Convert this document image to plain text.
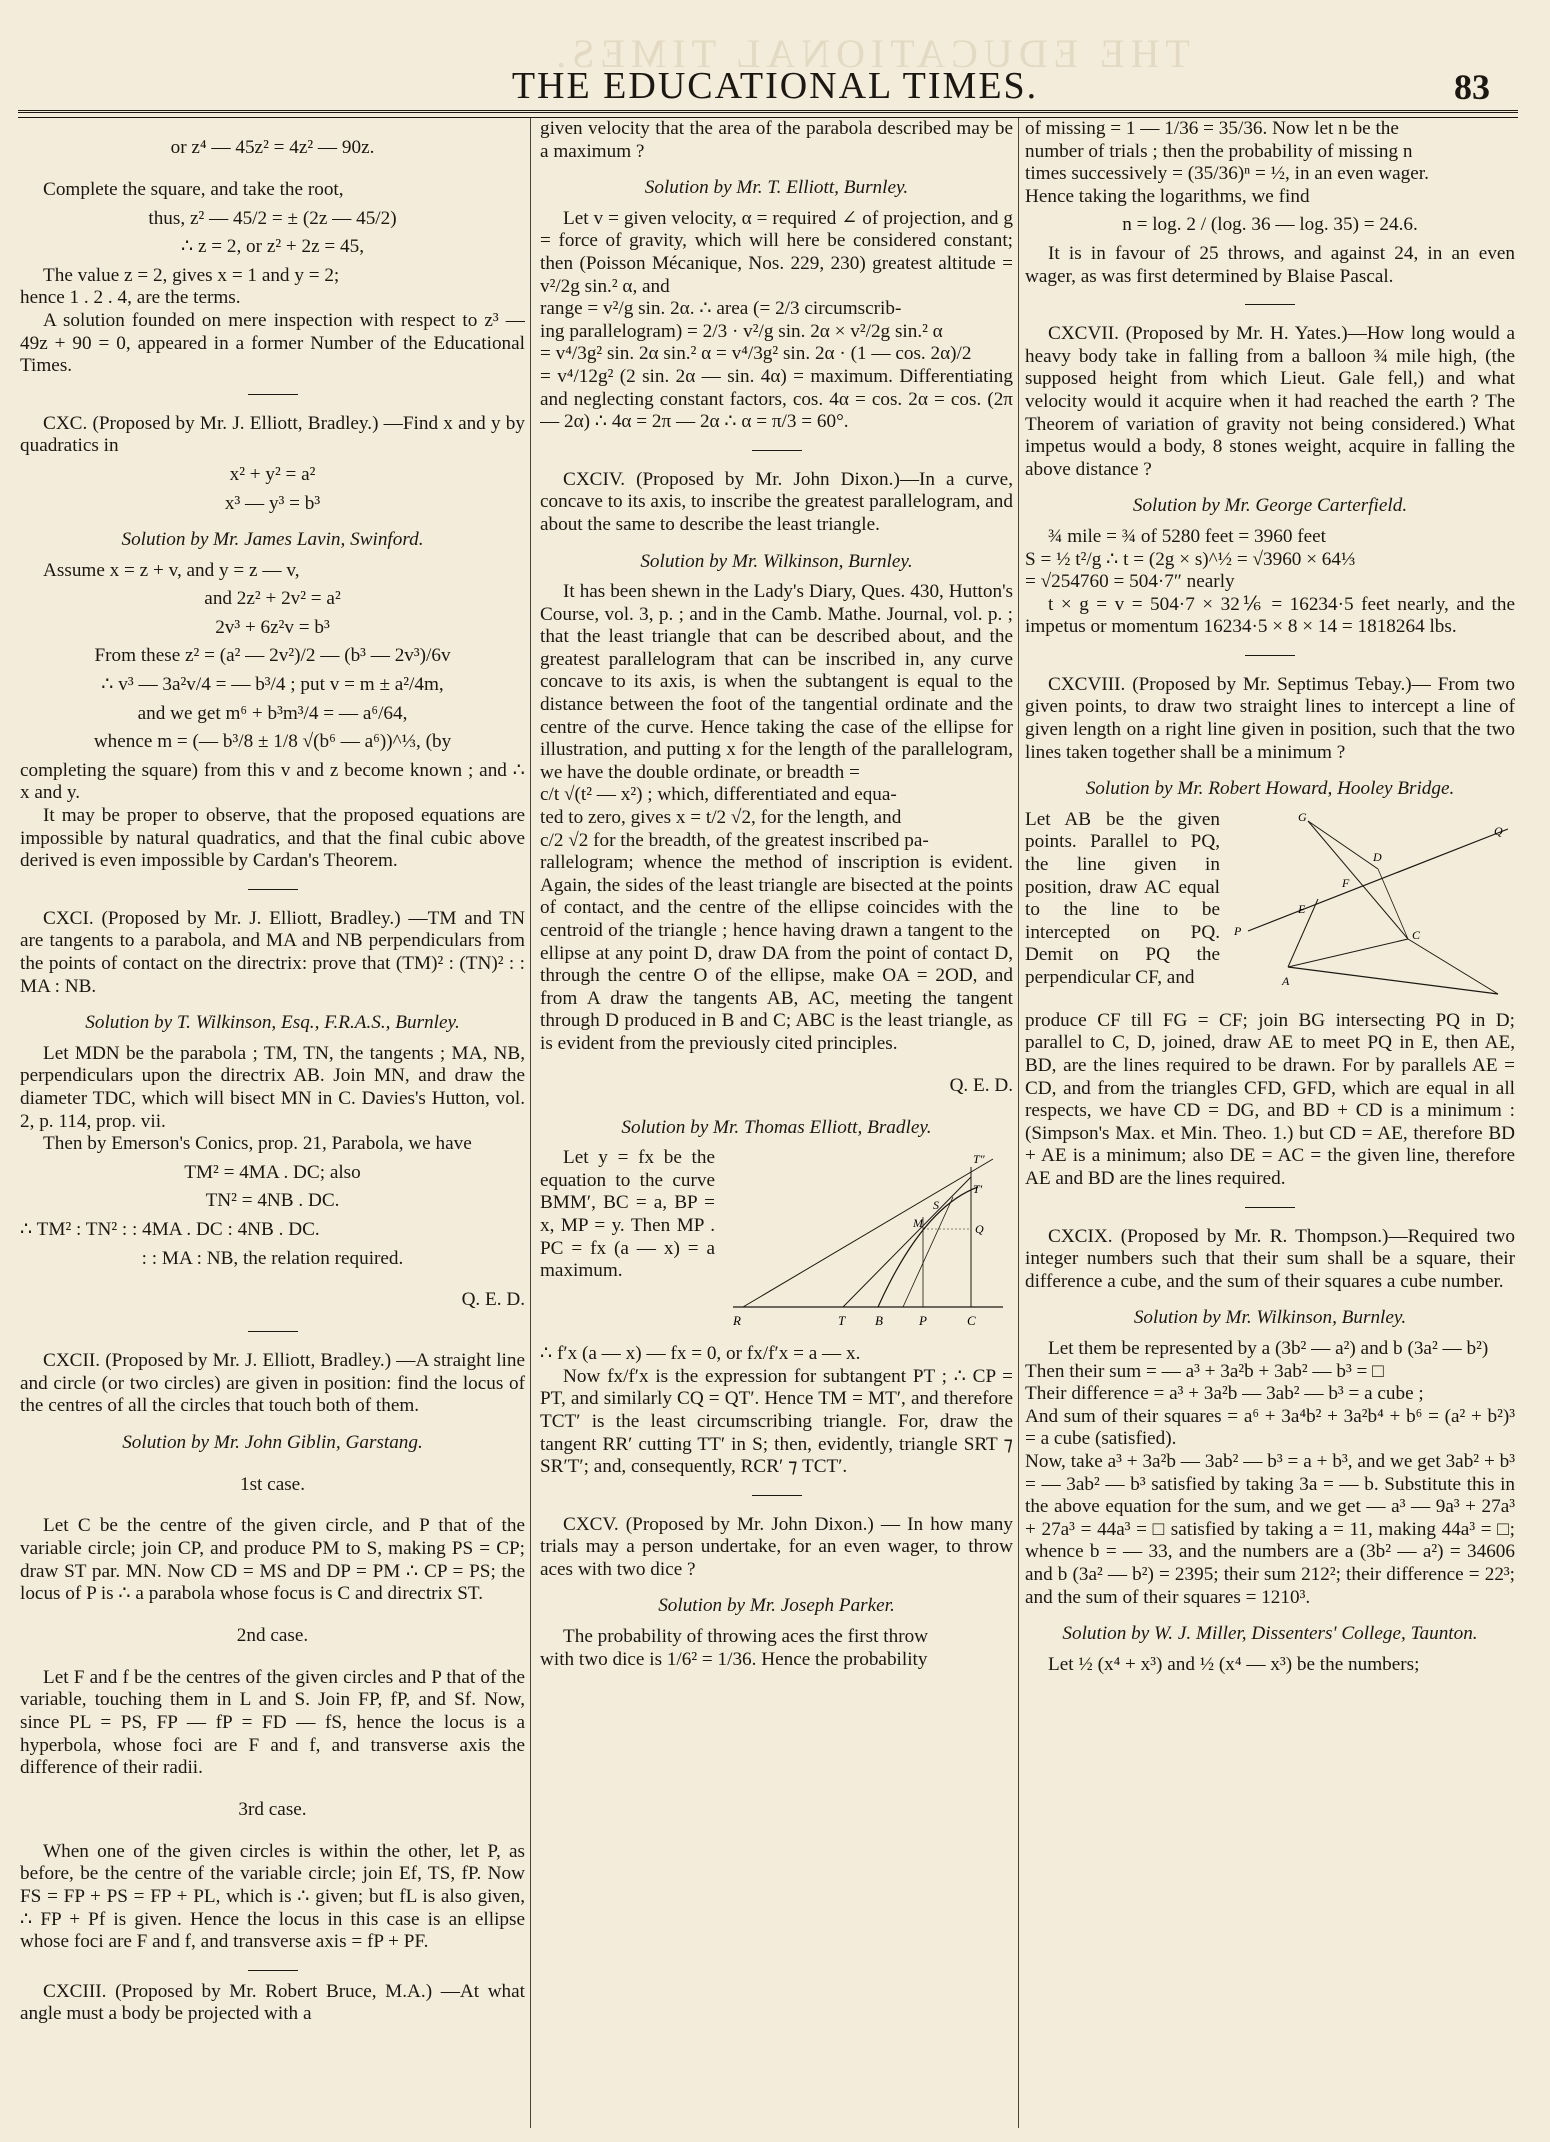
THE EDUCATIONAL TIMES.
THE EDUCATIONAL TIMES.	83

or z⁴ — 45z² = 4z² — 90z.

Complete the square, and take the root,

thus, z² — 45/2 = ± (2z — 45/2)

∴ z = 2, or z² + 2z = 45,

The value z = 2, gives x = 1 and y = 2;

hence 1 . 2 . 4, are the terms.

A solution founded on mere inspection with respect to z³ — 49z + 90 = 0, appeared in a former Number of the Educational Times.

CXC. (Proposed by Mr. J. Elliott, Bradley.) —Find x and y by quadratics in

x² + y² = a²

x³ — y³ = b³

Solution by Mr. James Lavin, Swinford.

Assume x = z + v, and y = z — v,

and 2z² + 2v² = a²

2v³ + 6z²v = b³

From these z² = (a² — 2v²)/2 — (b³ — 2v³)/6v

∴ v³ — 3a²v/4 = — b³/4 ; put v = m ± a²/4m,

and we get m⁶ + b³m³/4 = — a⁶/64,

whence m = (— b³/8 ± 1/8 √(b⁶ — a⁶))^⅓, (by

completing the square) from this v and z become known ; and ∴ x and y.

It may be proper to observe, that the proposed equations are impossible by natural quadratics, and that the final cubic above derived is even impossible by Cardan's Theorem.

CXCI. (Proposed by Mr. J. Elliott, Bradley.) —TM and TN are tangents to a parabola, and MA and NB perpendiculars from the points of contact on the directrix: prove that (TM)² : (TN)² : : MA : NB.

Solution by T. Wilkinson, Esq., F.R.A.S., Burnley.

Let MDN be the parabola ; TM, TN, the tangents ; MA, NB, perpendiculars upon the directrix AB. Join MN, and draw the diameter TDC, which will bisect MN in C. Davies's Hutton, vol. 2, p. 114, prop. vii.

Then by Emerson's Conics, prop. 21, Parabola, we have

TM² = 4MA . DC; also

TN² = 4NB . DC.

∴ TM² : TN² : : 4MA . DC : 4NB . DC.

: : MA : NB, the relation required.

Q. E. D.

CXCII. (Proposed by Mr. J. Elliott, Bradley.) —A straight line and circle (or two circles) are given in position: find the locus of the centres of all the circles that touch both of them.

Solution by Mr. John Giblin, Garstang.

1st case.

Let C be the centre of the given circle, and P that of the variable circle; join CP, and produce PM to S, making PS = CP; draw ST par. MN. Now CD = MS and DP = PM ∴ CP = PS; the locus of P is ∴ a parabola whose focus is C and directrix ST.

2nd case.

Let F and f be the centres of the given circles and P that of the variable, touching them in L and S. Join FP, fP, and Sf. Now, since PL = PS, FP — fP = FD — fS, hence the locus is a hyperbola, whose foci are F and f, and transverse axis the difference of their radii.

3rd case.

When one of the given circles is within the other, let P, as before, be the centre of the variable circle; join Ef, TS, fP. Now FS = FP + PS = FP + PL, which is ∴ given; but fL is also given, ∴ FP + Pf is given. Hence the locus in this case is an ellipse whose foci are F and f, and transverse axis = fP + PF.

CXCIII. (Proposed by Mr. Robert Bruce, M.A.) —At what angle must a body be projected with a

given velocity that the area of the parabola described may be a maximum ?

Solution by Mr. T. Elliott, Burnley.

Let v = given velocity, α = required ∠ of projection, and g = force of gravity, which will here be considered constant; then (Poisson Mécanique, Nos. 229, 230) greatest altitude = v²/2g sin.² α, and

range = v²/g sin. 2α. ∴ area (= 2/3 circumscrib-

ing parallelogram) = 2/3 · v²/g sin. 2α × v²/2g sin.² α

= v⁴/3g² sin. 2α sin.² α = v⁴/3g² sin. 2α · (1 — cos. 2α)/2

= v⁴/12g² (2 sin. 2α — sin. 4α) = maximum. Differentiating and neglecting constant factors, cos. 4α = cos. 2α = cos. (2π — 2α) ∴ 4α = 2π — 2α ∴ α = π/3 = 60°.

CXCIV. (Proposed by Mr. John Dixon.)—In a curve, concave to its axis, to inscribe the greatest parallelogram, and about the same to describe the least triangle.

Solution by Mr. Wilkinson, Burnley.

It has been shewn in the Lady's Diary, Ques. 430, Hutton's Course, vol. 3, p. ; and in the Camb. Mathe. Journal, vol. p. ; that the least triangle that can be described about, and the greatest parallelogram that can be inscribed in, any curve concave to its axis, is when the subtangent is equal to the distance between the foot of the tangential ordinate and the centre of the curve. Hence taking the case of the ellipse for illustration, and putting x for the length of the parallelogram, we have the double ordinate, or breadth =

c/t √(t² — x²) ; which, differentiated and equa-

ted to zero, gives x = t/2 √2, for the length, and

c/2 √2 for the breadth, of the greatest inscribed pa-

rallelogram; whence the method of inscription is evident. Again, the sides of the least triangle are bisected at the points of contact, and the centre of the ellipse coincides with the centroid of the triangle ; hence having drawn a tangent to the ellipse at any point D, draw DA from the point of contact D, through the centre O of the ellipse, make OA = 2OD, and from A draw the tangents AB, AC, meeting the tangent through D produced in B and C; ABC is the least triangle, as is evident from the previously cited principles.

Q. E. D.

Solution by Mr. Thomas Elliott, Bradley.

Let y = fx be the equation to the curve BMM′, BC = a, BP = x, MP = y. Then MP . PC = fx (a — x) = a maximum.

T″
T′
Q
S
R	T B	P	C
M

∴ f′x (a — x) — fx = 0, or fx/f′x = a — x.

Now fx/f′x is the expression for subtangent PT ; ∴ CP = PT, and similarly CQ = QT′. Hence TM = MT′, and therefore TCT′ is the least circumscribing triangle. For, draw the tangent RR′ cutting TT′ in S; then, evidently, triangle SRT ⁊ SR′T′; and, consequently, RCR′ ⁊ TCT′.

CXCV. (Proposed by Mr. John Dixon.) — In how many trials may a person undertake, for an even wager, to throw aces with two dice ?

Solution by Mr. Joseph Parker.

The probability of throwing aces the first throw

with two dice is 1/6² = 1/36. Hence the probability

of missing = 1 — 1/36 = 35/36. Now let n be the

number of trials ; then the probability of missing n

times successively = (35/36)ⁿ = ½, in an even wager.

Hence taking the logarithms, we find

n = log. 2 / (log. 36 — log. 35) = 24.6.

It is in favour of 25 throws, and against 24, in an even wager, as was first determined by Blaise Pascal.

CXCVII. (Proposed by Mr. H. Yates.)—How long would a heavy body take in falling from a balloon ¾ mile high, (the supposed height from which Lieut. Gale fell,) and what velocity would it acquire when it had reached the earth ? The Theorem of variation of gravity not being considered.) What impetus would a body, 8 stones weight, acquire in falling the above distance ?

Solution by Mr. George Carterfield.

¾ mile = ¾ of 5280 feet = 3960 feet

S = ½ t²/g ∴ t = (2g × s)^½ = √3960 × 64⅓

= √254760 = 504·7″ nearly

t × g = v = 504·7 × 32⅙ = 16234·5 feet nearly, and the impetus or momentum 16234·5 × 8 × 14 = 1818264 lbs.

CXCVIII. (Proposed by Mr. Septimus Tebay.)— From two given points, to draw two straight lines to intercept a line of given length on a right line given in position, such that the two lines taken together shall be a minimum ?

Solution by Mr. Robert Howard, Hooley Bridge.

Let AB be the given points. Parallel to PQ, the line given in position, draw AC equal to the line to be intercepted on PQ. Demit on PQ the perpendicular CF, and

G
D
F
E
P	C
A
Q

produce CF till FG = CF; join BG intersecting PQ in D; parallel to C, D, joined, draw AE to meet PQ in E, then AE, BD, are the lines required to be drawn. For by parallels AE = CD, and from the triangles CFD, GFD, which are equal in all respects, we have CD = DG, and BD + CD is a minimum : (Simpson's Max. et Min. Theo. 1.) but CD = AE, therefore BD + AE is a minimum; also DE = AC = the given line, therefore AE and BD are the lines required.

CXCIX. (Proposed by Mr. R. Thompson.)—Required two integer numbers such that their sum shall be a square, their difference a cube, and the sum of their squares a cube number.

Solution by Mr. Wilkinson, Burnley.

Let them be represented by a (3b² — a²) and b (3a² — b²)

Then their sum = — a³ + 3a²b + 3ab² — b³ = □

Their difference = a³ + 3a²b — 3ab² — b³ = a cube ;

And sum of their squares = a⁶ + 3a⁴b² + 3a²b⁴ + b⁶ = (a² + b²)³ = a cube (satisfied).

Now, take a³ + 3a²b — 3ab² — b³ = a + b³, and we get 3ab² + b³ = — 3ab² — b³ satisfied by taking 3a = — b. Substitute this in the above equation for the sum, and we get — a³ — 9a³ + 27a³ + 27a³ = 44a³ = □ satisfied by taking a = 11, making 44a³ = □; whence b = — 33, and the numbers are a (3b² — a²) = 34606 and b (3a² — b²) = 2395; their sum 212²; their difference = 22³; and the sum of their squares = 1210³.

Solution by W. J. Miller, Dissenters' College, Taunton.

Let ½ (x⁴ + x³) and ½ (x⁴ — x³) be the numbers;
